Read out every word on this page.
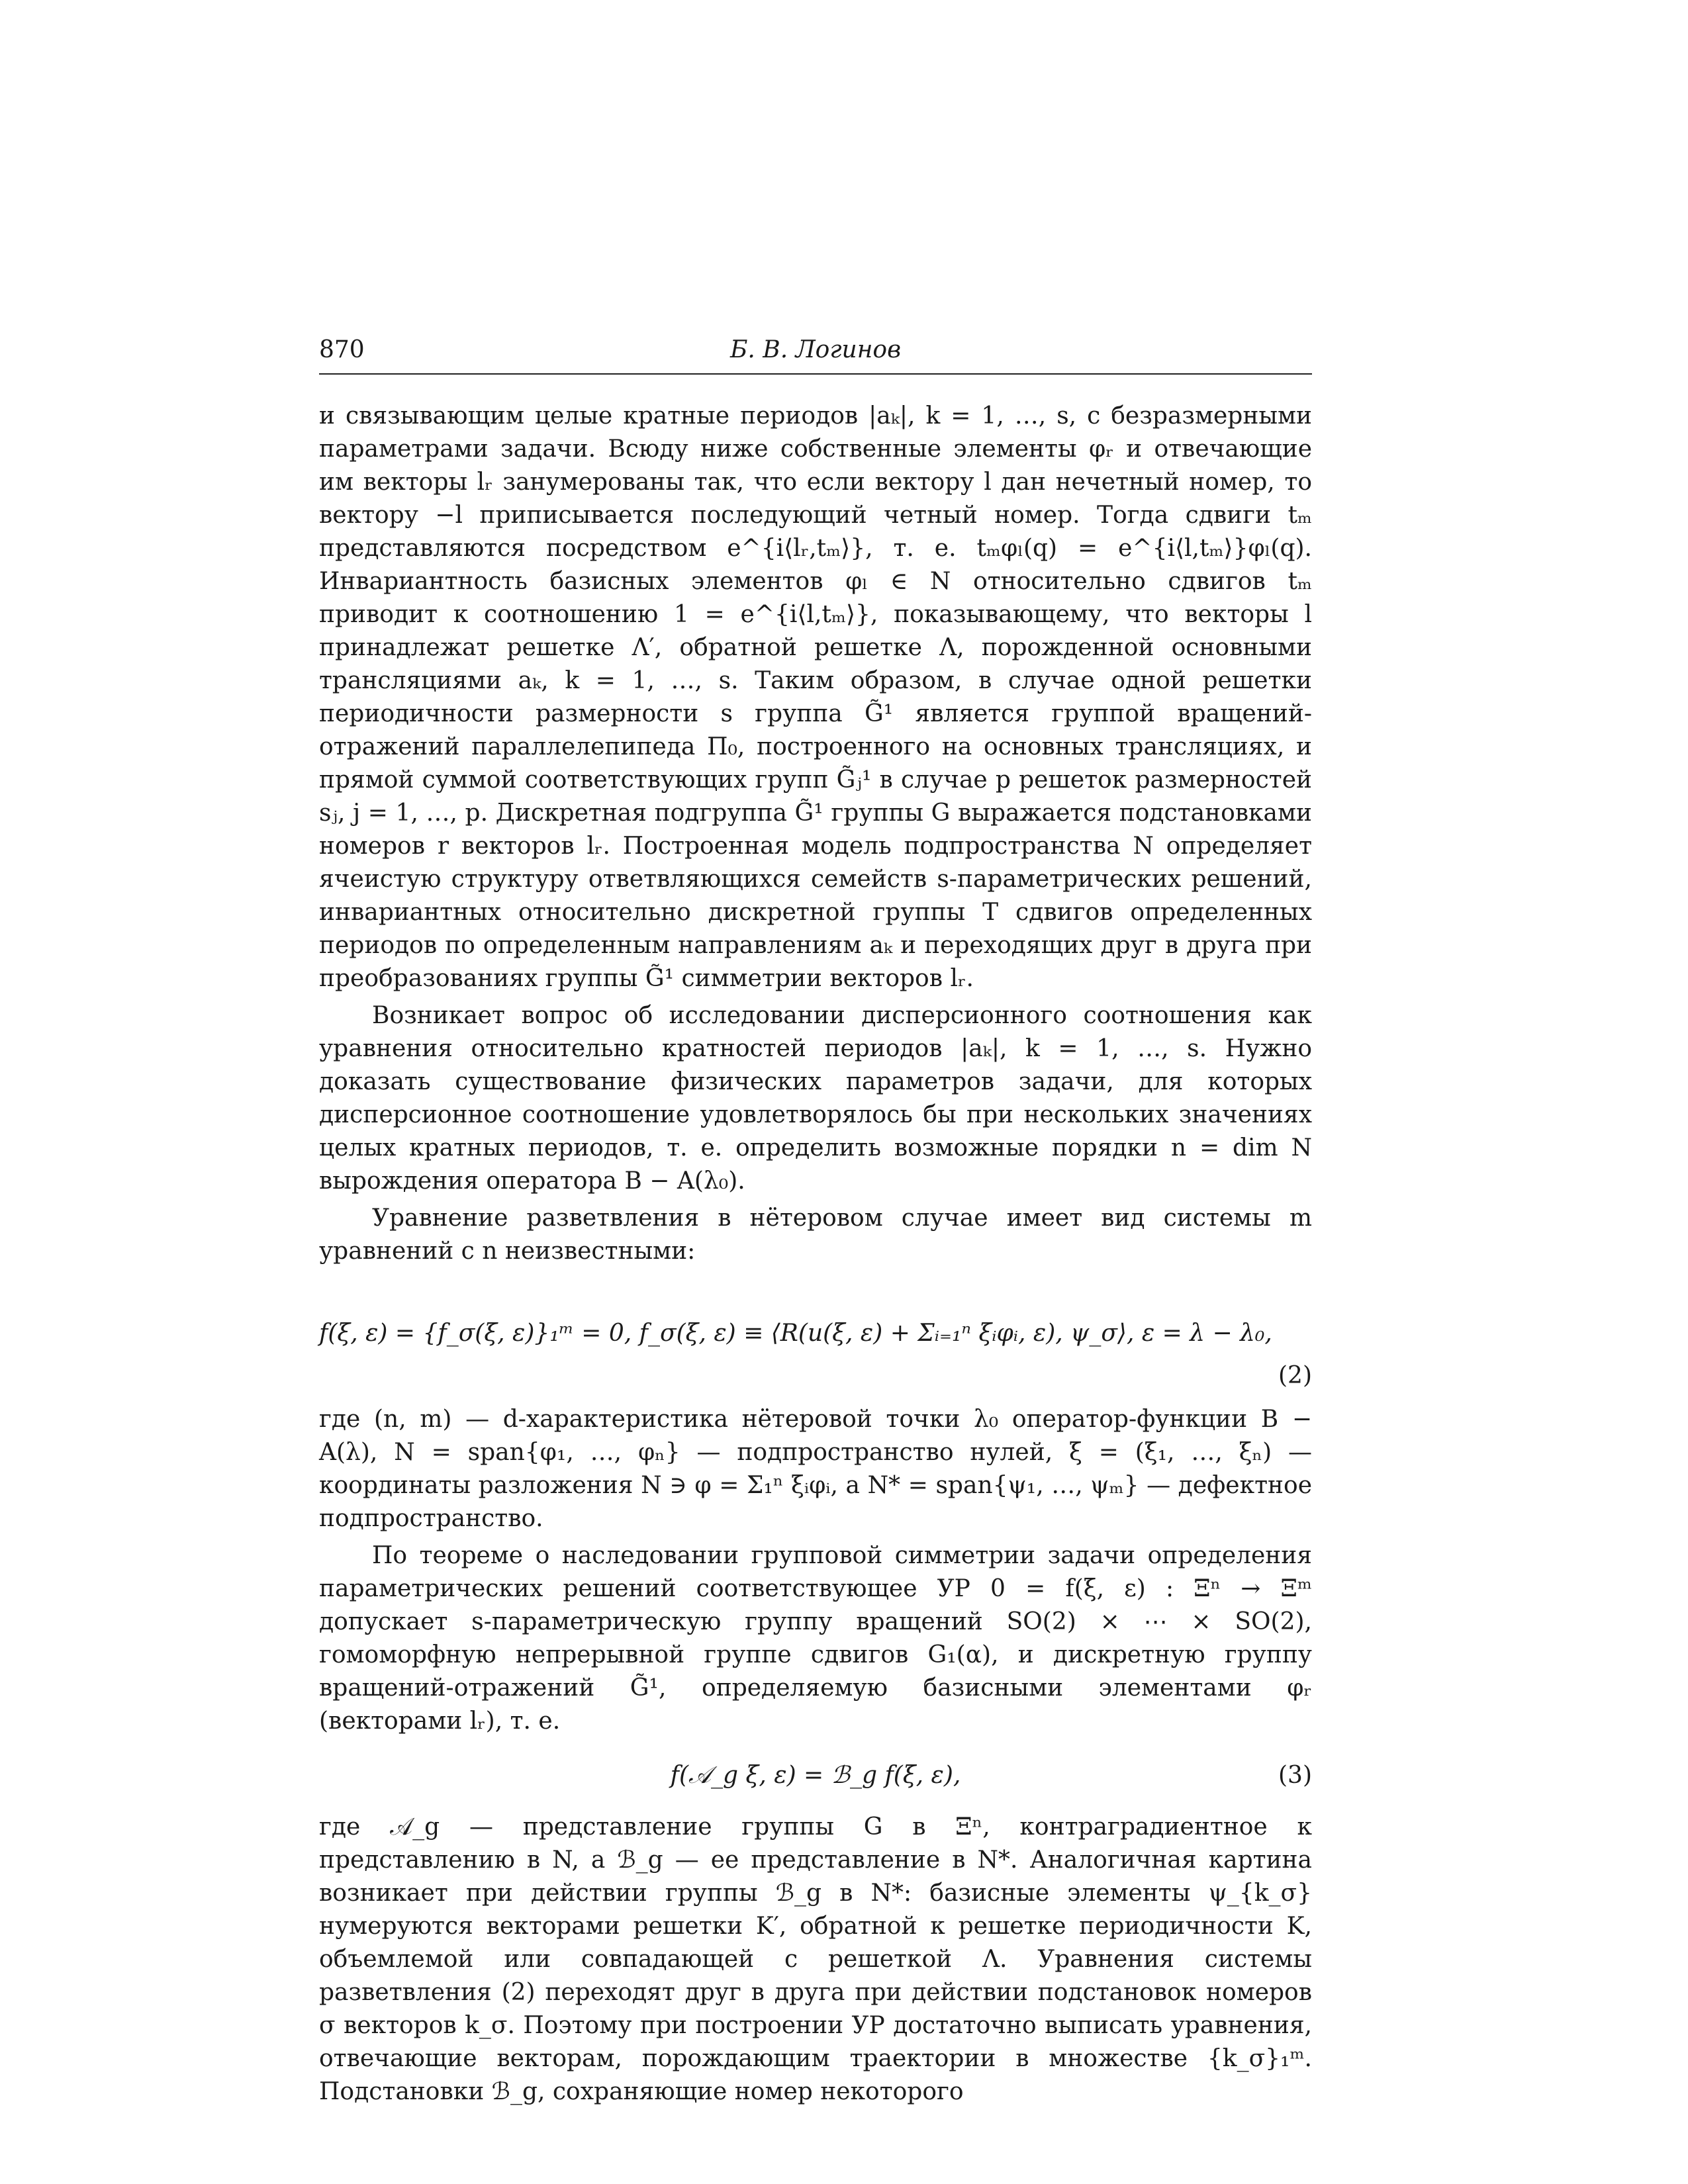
870	Б. В. Логинов

и связывающим целые кратные периодов |aₖ|, k = 1, …, s, с безразмерными параметрами задачи. Всюду ниже собственные элементы φᵣ и отвечающие им векторы lᵣ занумерованы так, что если вектору l дан нечетный номер, то вектору −l приписывается последующий четный номер. Тогда сдвиги tₘ представляются посредством e^{i⟨lᵣ,tₘ⟩}, т. е. tₘφₗ(q) = e^{i⟨l,tₘ⟩}φₗ(q). Инвариантность базисных элементов φₗ ∈ N относительно сдвигов tₘ приводит к соотношению 1 = e^{i⟨l,tₘ⟩}, показывающему, что векторы l принадлежат решетке Λ′, обратной решетке Λ, порожденной основными трансляциями aₖ, k = 1, …, s. Таким образом, в случае одной решетки периодичности размерности s группа G̃¹ является группой вращений-отражений параллелепипеда Π₀, построенного на основных трансляциях, и прямой суммой соответствующих групп G̃ⱼ¹ в случае p решеток размерностей sⱼ, j = 1, …, p. Дискретная подгруппа G̃¹ группы G выражается подстановками номеров r векторов lᵣ. Построенная модель подпространства N определяет ячеистую структуру ответвляющихся семейств s-параметрических решений, инвариантных относительно дискретной группы T сдвигов определенных периодов по определенным направлениям aₖ и переходящих друг в друга при преобразованиях группы G̃¹ симметрии векторов lᵣ.

Возникает вопрос об исследовании дисперсионного соотношения как уравнения относительно кратностей периодов |aₖ|, k = 1, …, s. Нужно доказать существование физических параметров задачи, для которых дисперсионное соотношение удовлетворялось бы при нескольких значениях целых кратных периодов, т. е. определить возможные порядки n = dim N вырождения оператора B − A(λ₀).

Уравнение разветвления в нётеровом случае имеет вид системы m уравнений с n неизвестными:

f(ξ, ε) = {f_σ(ξ, ε)}₁ᵐ = 0, f_σ(ξ, ε) ≡ ⟨R(u(ξ, ε) + Σᵢ₌₁ⁿ ξᵢφᵢ, ε), ψ_σ⟩, ε = λ − λ₀,
(2)

где (n, m) — d-характеристика нётеровой точки λ₀ оператор-функции B − A(λ), N = span{φ₁, …, φₙ} — подпространство нулей, ξ = (ξ₁, …, ξₙ) — координаты разложения N ∋ φ = Σ₁ⁿ ξᵢφᵢ, а N* = span{ψ₁, …, ψₘ} — дефектное подпространство.

По теореме о наследовании групповой симметрии задачи определения параметрических решений соответствующее УР 0 = f(ξ, ε) : Ξⁿ → Ξᵐ допускает s-параметрическую группу вращений SO(2) × ⋯ × SO(2), гомоморфную непрерывной группе сдвигов G₁(α), и дискретную группу вращений-отражений G̃¹, определяемую базисными элементами φᵣ (векторами lᵣ), т. е.

f(𝒜_g ξ, ε) = ℬ_g f(ξ, ε),	(3)

где 𝒜_g — представление группы G в Ξⁿ, контраградиентное к представлению в N, а ℬ_g — ее представление в N*. Аналогичная картина возникает при действии группы ℬ_g в N*: базисные элементы ψ_{k_σ} нумеруются векторами решетки K′, обратной к решетке периодичности K, объемлемой или совпадающей с решеткой Λ. Уравнения системы разветвления (2) переходят друг в друга при действии подстановок номеров σ векторов k_σ. Поэтому при построении УР достаточно выписать уравнения, отвечающие векторам, порождающим траектории в множестве {k_σ}₁ᵐ. Подстановки ℬ_g, сохраняющие номер некоторого
